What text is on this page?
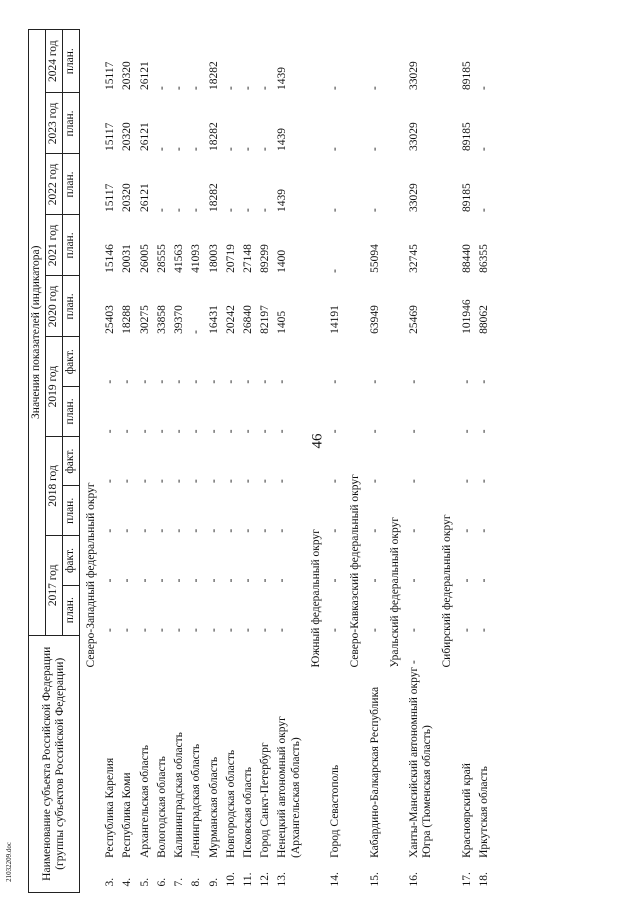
46
21032209.doc Наименование субъекта Российской Федерации (группы субъектов Российской Федерации)		Значения показателей (индикатора)										
		2017 год		2018 год		2019 год		2020 год	2021 год	2022 год	2023 год	2024 год
		план.	факт.	план.	факт.	план.	факт.	план.	план.	план.	план.	план.
Северо-Западный федеральный округ												
3.	Республика Карелия	-	-	-	-	-	-	25403	15146	15117	15117	15117
4.	Республика Коми	-	-	-	-	-	-	18288	20031	20320	20320	20320
5.	Архангельская область	-	-	-	-	-	-	30275	26005	26121	26121	26121
6.	Вологодская область	-	-	-	-	-	-	33858	28555	-	-	-
7.	Калининградская область	-	-	-	-	-	-	39370	41563	-	-	-
8.	Ленинградская область	-	-	-	-	-	-	-	41093	-	-	-
9.	Мурманская область	-	-	-	-	-	-	16431	18003	18282	18282	18282
10.	Новгородская область	-	-	-	-	-	-	20242	20719	-	-	-
11.	Псковская область	-	-	-	-	-	-	26840	27148	-	-	-
12.	Город Санкт-Петербург	-	-	-	-	-	-	82197	89299	-	-	-
13.	Ненецкий автономный округ (Архангельская область)	-	-	-	-	-	-	1405	1400	1439	1439	1439
Южный федеральный округ												
14.	Город Севастополь	-	-	-	-	-	-	14191	-	-	-	-
Северо-Кавказский федеральный округ												
15.	Кабардино-Балкарская Республика	-	-	-	-	-	-	63949	55094	-	-	-
Уральский федеральный округ												
16.	Ханты-Мансийский автономный округ - Югра (Тюменская область)	-	-	-	-	-	-	25469	32745	33029	33029	33029
Сибирский федеральный округ												
17.	Красноярский край	-	-	-	-	-	-	101946	88440	89185	89185	89185
18.	Иркутская область	-	-	-	-	-	-	88062	86355	-	-	-
